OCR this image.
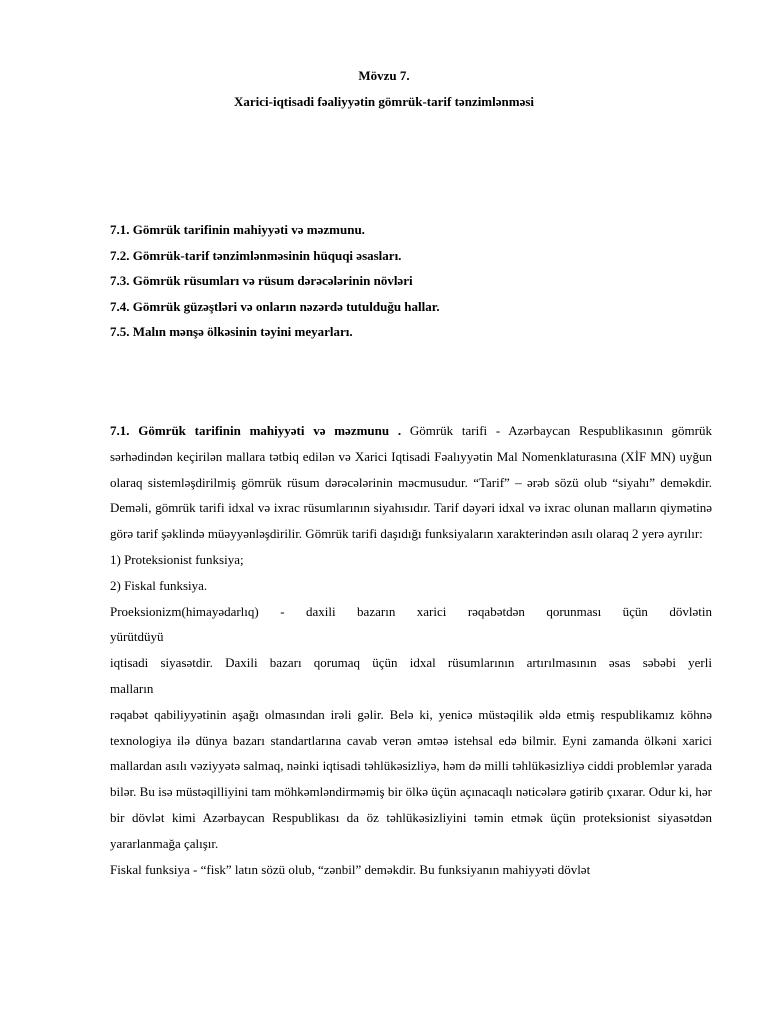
Mövzu 7.
Xarici-iqtisadi fəaliyyətin gömrük-tarif tənzimlənməsi
7.1. Gömrük tarifinin mahiyyəti və məzmunu.
7.2. Gömrük-tarif tənzimlənməsinin hüquqi əsasları.
7.3. Gömrük rüsumları və rüsum dərəcələrinin növləri
7.4. Gömrük güzəştləri və onların nəzərdə tutulduğu hallar.
7.5. Malın mənşə ölkəsinin təyini meyarları.

7.1. Gömrük tarifinin mahiyyəti və məzmunu . Gömrük tarifi - Azərbaycan Respublikasının gömrük sərhədindən keçirilən mallara tətbiq edilən və Xarici Iqtisadi Fəalıyyətin Mal Nomenklaturasına (XİF MN) uyğun olaraq sistemləşdirilmiş gömrük rüsum dərəcələrinin məcmusudur. “Tarif” – ərəb sözü olub “siyahı” deməkdir. Deməli, gömrük tarifi idxal və ixrac rüsumlarının siyahısıdır. Tarif dəyəri idxal və ixrac olunan malların qiymətinə görə tarif şəklində müəyyənləşdirilir. Gömrük tarifi daşıdığı funksiyaların xarakterindən asılı olaraq 2 yerə ayrılır:

1) Proteksionist funksiya;

2) Fiskal funksiya.

Proeksionizm(himayədarlıq) - daxili bazarın xarici rəqabətdən qorunması üçün dövlətin

yürütdüyü

iqtisadi siyasətdir. Daxili bazarı qorumaq üçün idxal rüsumlarının artırılmasının əsas səbəbi yerli

malların

rəqabət qabiliyyətinin aşağı olmasından irəli gəlir. Belə ki, yenicə müstəqilik əldə etmiş respublikamız köhnə texnologiya ilə dünya bazarı standartlarına cavab verən əmtəə istehsal edə bilmir. Eyni zamanda ölkəni xarici mallardan asılı vəziyyətə salmaq, nəinki iqtisadi təhlükəsizliyə, həm də milli təhlükəsizliyə ciddi problemlər yarada bilər. Bu isə müstəqilliyini tam möhkəmləndirməmiş bir ölkə üçün açınacaqlı nəticələrə gətirib çıxarar. Odur ki, hər bir dövlət kimi Azərbaycan Respublikası da öz təhlükəsizliyini təmin etmək üçün proteksionist siyasətdən yararlanmağa çalışır.

Fiskal funksiya - “fisk” latın sözü olub, “zənbil” deməkdir. Bu funksiyanın mahiyyəti dövlət
